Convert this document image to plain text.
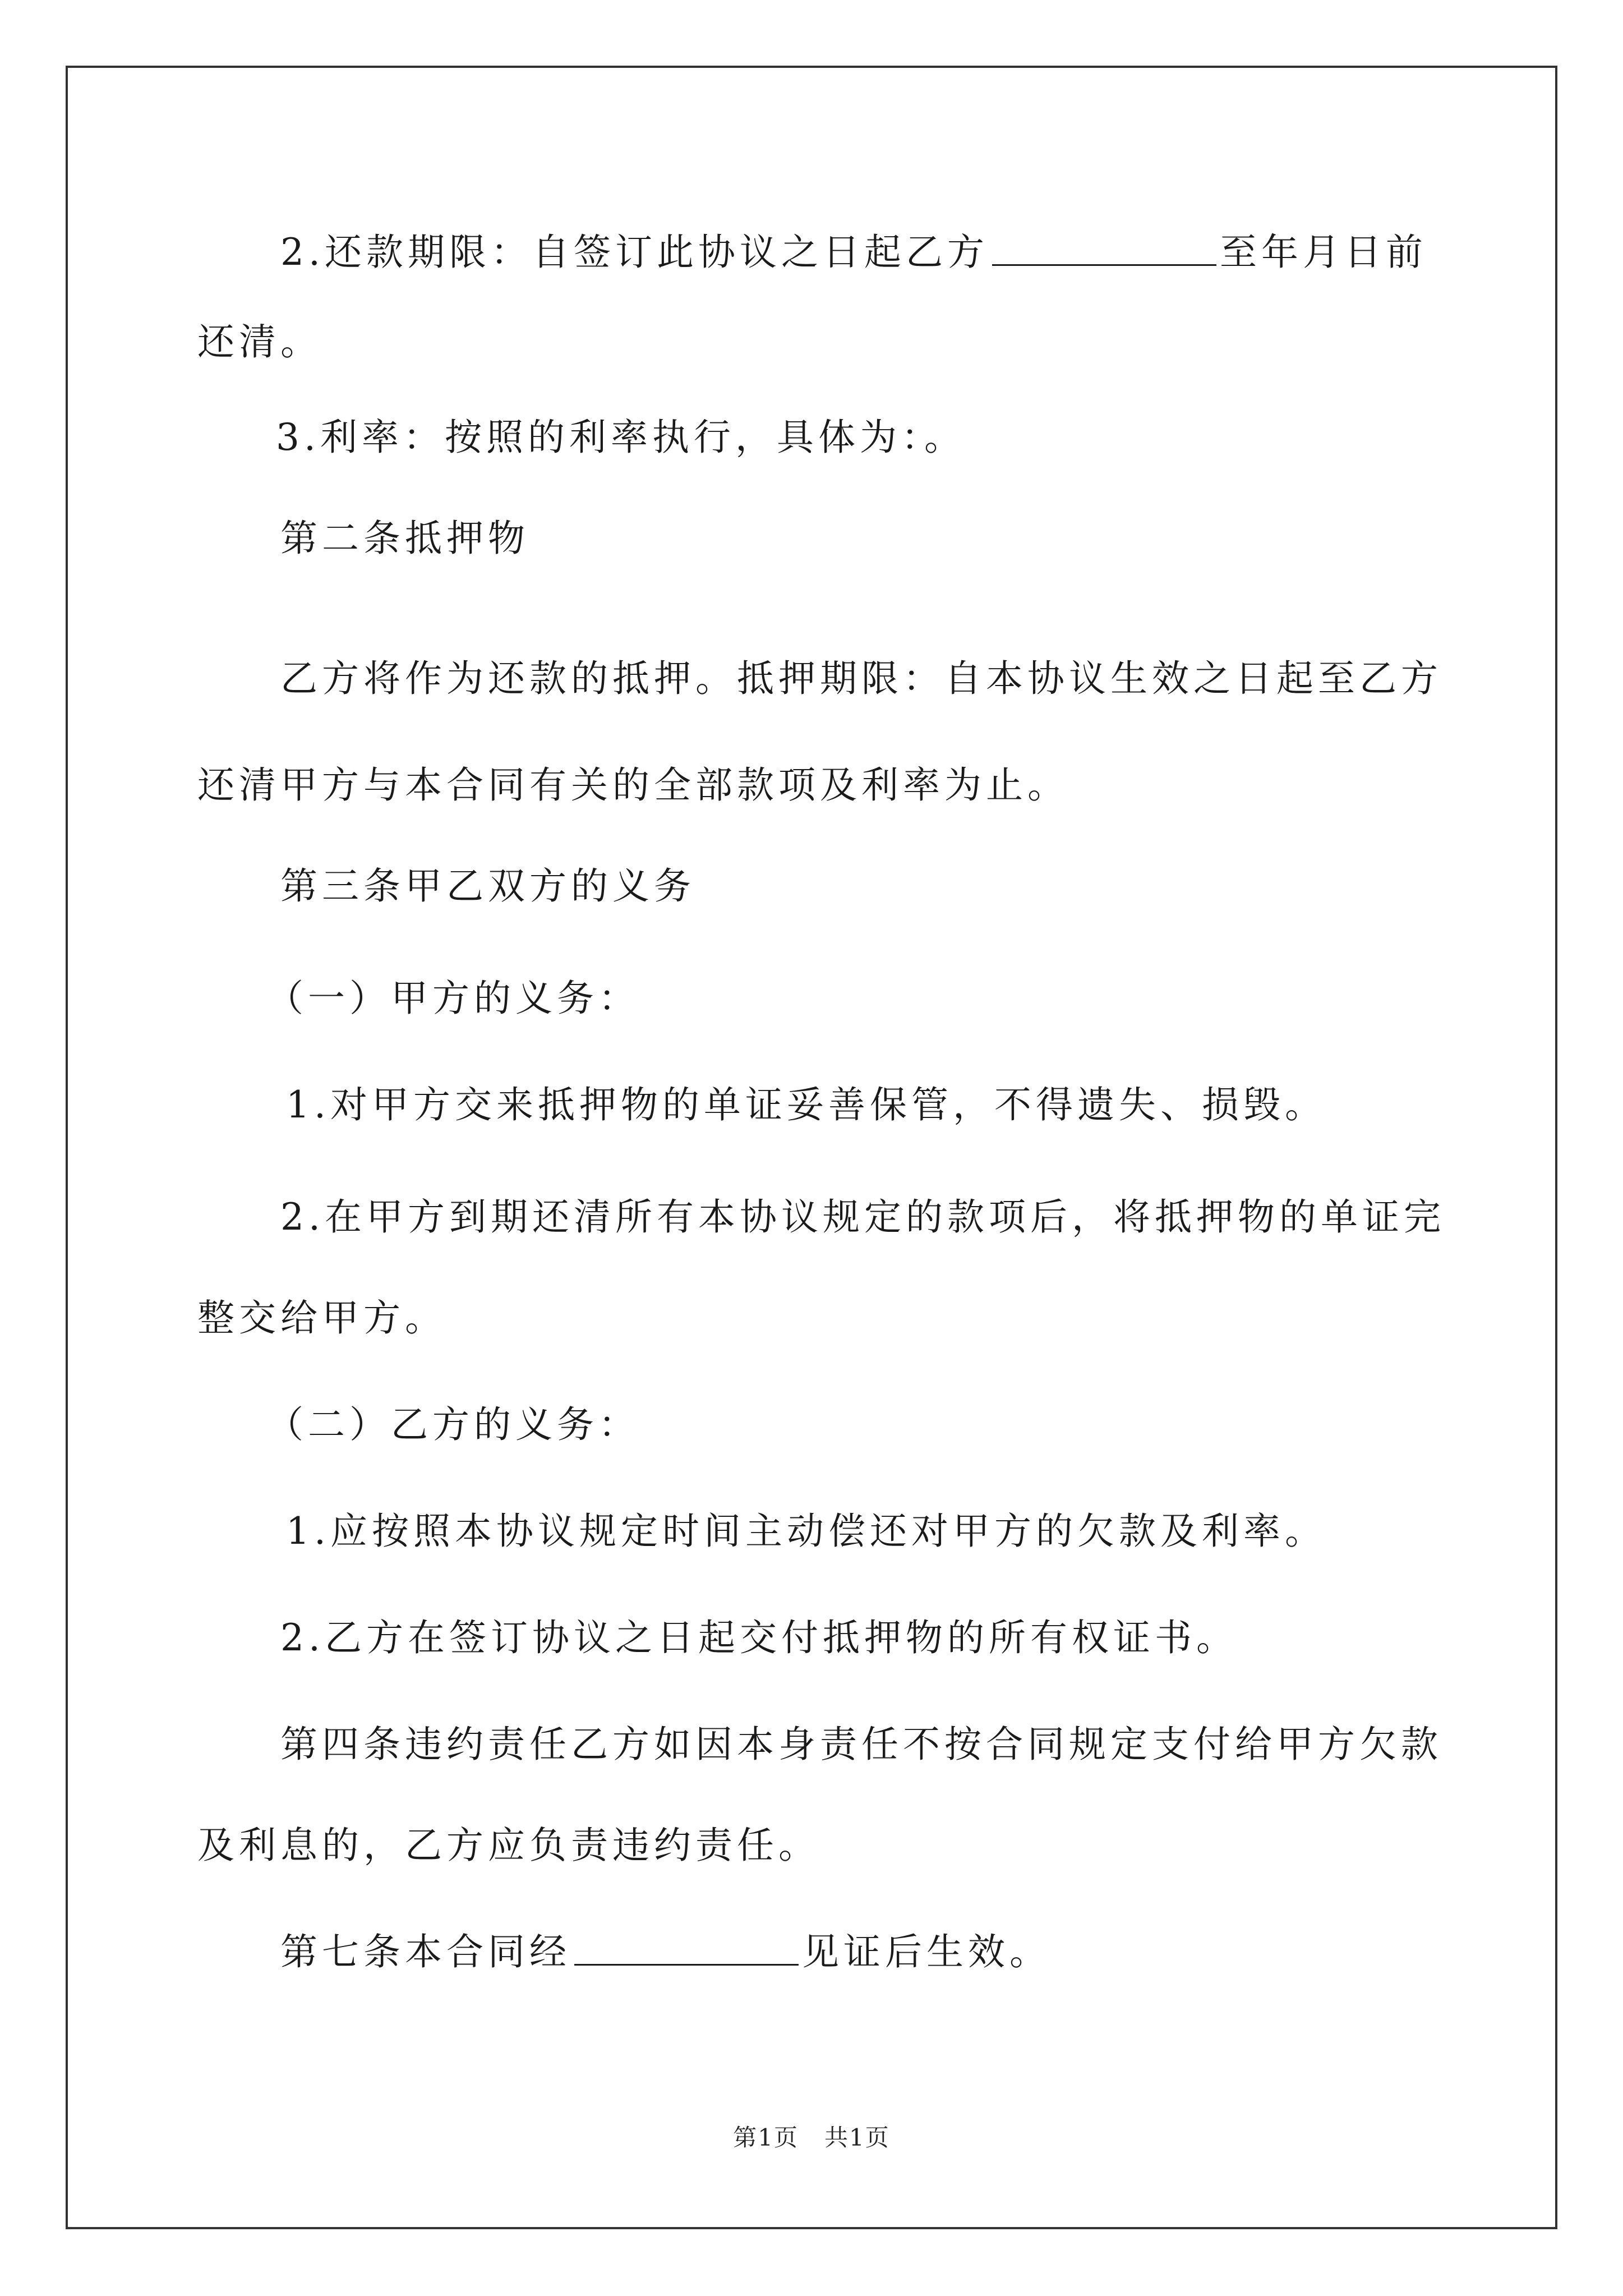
2.还款期限：自签订此协议之日起乙方	至年月日前

还清。

3.利率：按照的利率执行，具体为：。

第二条抵押物

乙方将作为还款的抵押。抵押期限：自本协议生效之日起至乙方

还清甲方与本合同有关的全部款项及利率为止。

第三条甲乙双方的义务

（一）甲方的义务：

1.对甲方交来抵押物的单证妥善保管，不得遗失、损毁。

2.在甲方到期还清所有本协议规定的款项后，将抵押物的单证完

整交给甲方。

（二）乙方的义务：

1.应按照本协议规定时间主动偿还对甲方的欠款及利率。

2.乙方在签订协议之日起交付抵押物的所有权证书。

第四条违约责任乙方如因本身责任不按合同规定支付给甲方欠款

及利息的，乙方应负责违约责任。

第七条本合同经	见证后生效。

第1页 共1页
